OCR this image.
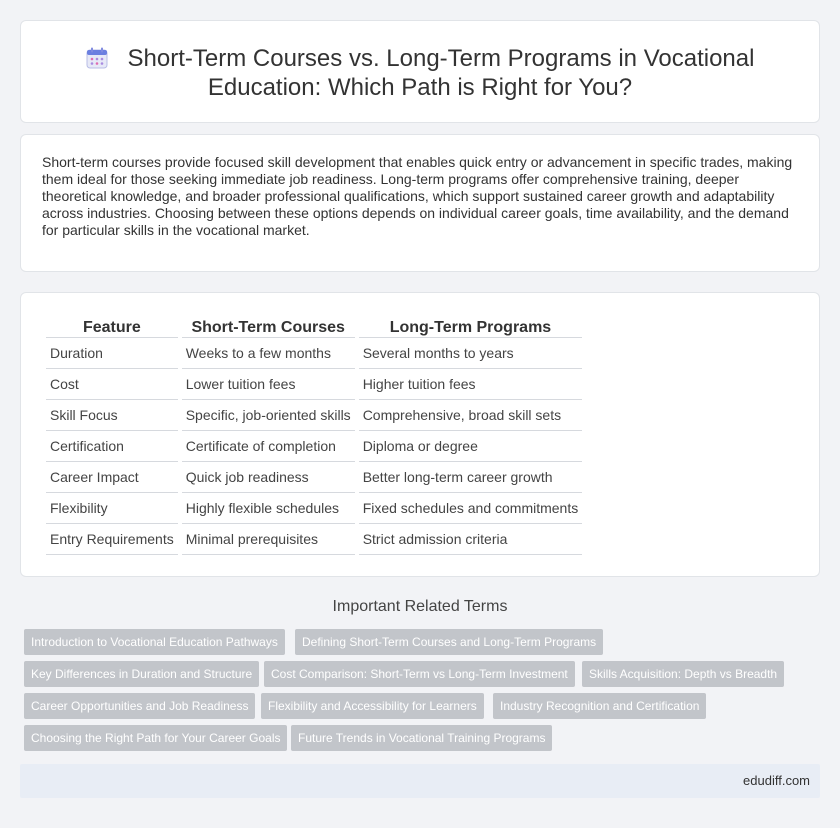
Short-Term Courses vs. Long-Term Programs in Vocational Education: Which Path is Right for You?

Short-term courses provide focused skill development that enables quick entry or advancement in specific trades, making them ideal for those seeking immediate job readiness. Long-term programs offer comprehensive training, deeper theoretical knowledge, and broader professional qualifications, which support sustained career growth and adaptability across industries. Choosing between these options depends on individual career goals, time availability, and the demand for particular skills in the vocational market.

Feature	Short-Term Courses	Long-Term Programs
Duration	Weeks to a few months	Several months to years
Cost	Lower tuition fees	Higher tuition fees
Skill Focus	Specific, job-oriented skills	Comprehensive, broad skill sets
Certification	Certificate of completion	Diploma or degree
Career Impact	Quick job readiness	Better long-term career growth
Flexibility	Highly flexible schedules	Fixed schedules and commitments
Entry Requirements	Minimal prerequisites	Strict admission criteria
Important Related Terms
Introduction to Vocational Education Pathways	Defining Short-Term Courses and Long-Term Programs
Key Differences in Duration and Structure	Cost Comparison: Short-Term vs Long-Term Investment	Skills Acquisition: Depth vs Breadth
Career Opportunities and Job Readiness	Flexibility and Accessibility for Learners	Industry Recognition and Certification
Choosing the Right Path for Your Career Goals	Future Trends in Vocational Training Programs
edudiff.com
